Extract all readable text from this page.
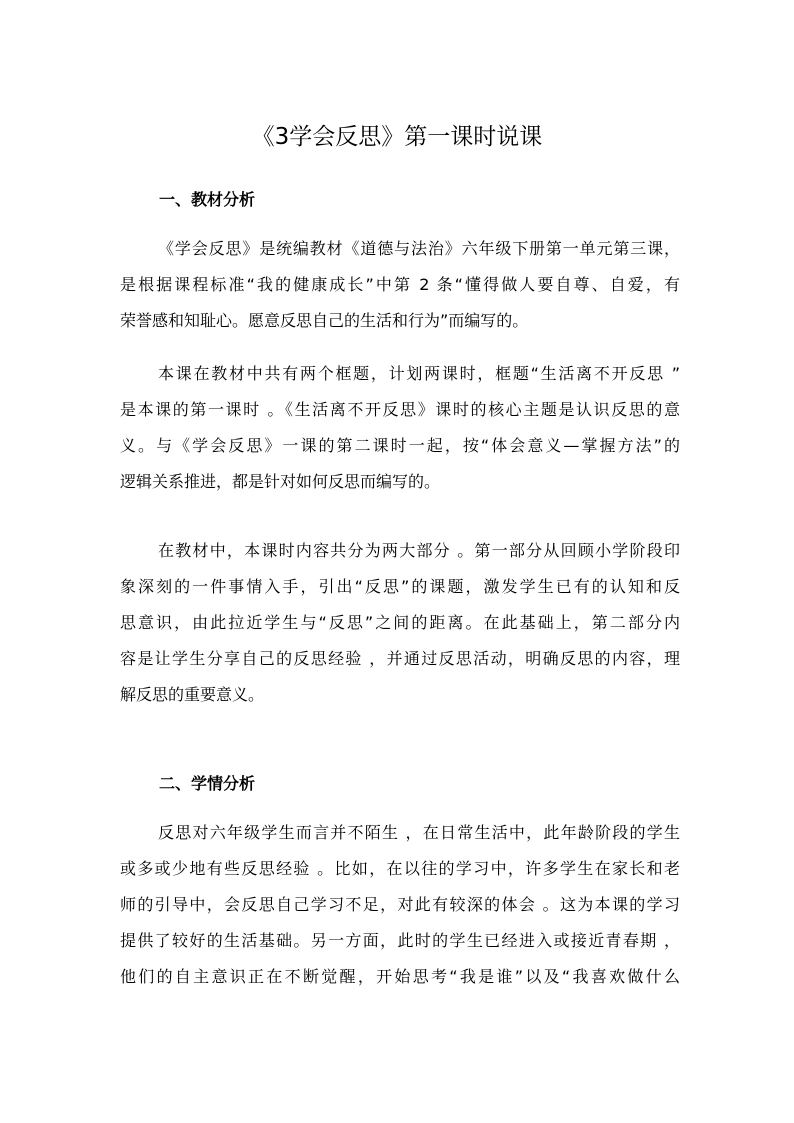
《3学会反思》第一课时说课
一、教材分析

《学会反思》是统编教材《道德与法治》六年级下册第一单元第三课，
是根据课程标准“我的健康成长”中第 2 条“懂得做人要自尊、自爱，有
荣誉感和知耻心。愿意反思自己的生活和行为”而编写的。

本课在教材中共有两个框题，计划两课时，框题“生活离不开反思 ”
是本课的第一课时 。《生活离不开反思》课时的核心主题是认识反思的意
义。与《学会反思》一课的第二课时一起，按“体会意义—掌握方法”的
逻辑关系推进，都是针对如何反思而编写的。

在教材中，本课时内容共分为两大部分 。第一部分从回顾小学阶段印
象深刻的一件事情入手，引出“反思”的课题，激发学生已有的认知和反
思意识，由此拉近学生与“反思”之间的距离。在此基础上，第二部分内
容是让学生分享自己的反思经验 ，并通过反思活动，明确反思的内容，理
解反思的重要意义。

二、学情分析

反思对六年级学生而言并不陌生 ，在日常生活中，此年龄阶段的学生
或多或少地有些反思经验 。比如，在以往的学习中，许多学生在家长和老
师的引导中，会反思自己学习不足，对此有较深的体会 。这为本课的学习
提供了较好的生活基础。另一方面，此时的学生已经进入或接近青春期 ，
他们的自主意识正在不断觉醒，开始思考“我是谁”以及“我喜欢做什么
